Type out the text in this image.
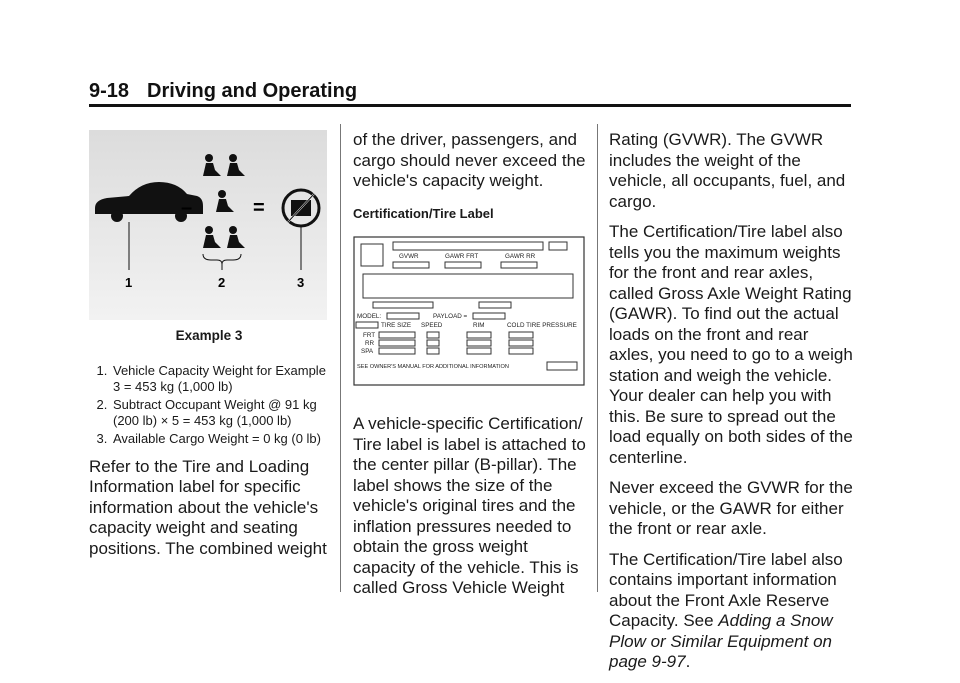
9-18 Driving and Operating
–	=
1	2	3
Example 3
1. Vehicle Capacity Weight for Example 3 = 453 kg (1,000 lb)
2. Subtract Occupant Weight @ 91 kg (200 lb) × 5 = 453 kg (1,000 lb)
3. Available Cargo Weight = 0 kg (0 lb)

Refer to the Tire and Loading Information label for specific information about the vehicle's capacity weight and seating positions. The combined weight

of the driver, passengers, and cargo should never exceed the vehicle's capacity weight.

Certification/Tire Label
GVWR	GAWR FRT	GAWR RR
MODEL:	PAYLOAD =
TIRE SIZE SPEED	RIM	COLD TIRE PRESSURE
FRT
RR
SPA
SEE OWNER'S MANUAL FOR ADDITIONAL INFORMATION

A vehicle-specific Certification/ Tire label is label is attached to the center pillar (B-pillar). The label shows the size of the vehicle's original tires and the inflation pressures needed to obtain the gross weight capacity of the vehicle. This is called Gross Vehicle Weight

Rating (GVWR). The GVWR includes the weight of the vehicle, all occupants, fuel, and cargo.

The Certification/Tire label also tells you the maximum weights for the front and rear axles, called Gross Axle Weight Rating (GAWR). To find out the actual loads on the front and rear axles, you need to go to a weigh station and weigh the vehicle. Your dealer can help you with this. Be sure to spread out the load equally on both sides of the centerline.

Never exceed the GVWR for the vehicle, or the GAWR for either the front or rear axle.

The Certification/Tire label also contains important information about the Front Axle Reserve Capacity. See Adding a Snow Plow or Similar Equipment on page 9-97.
